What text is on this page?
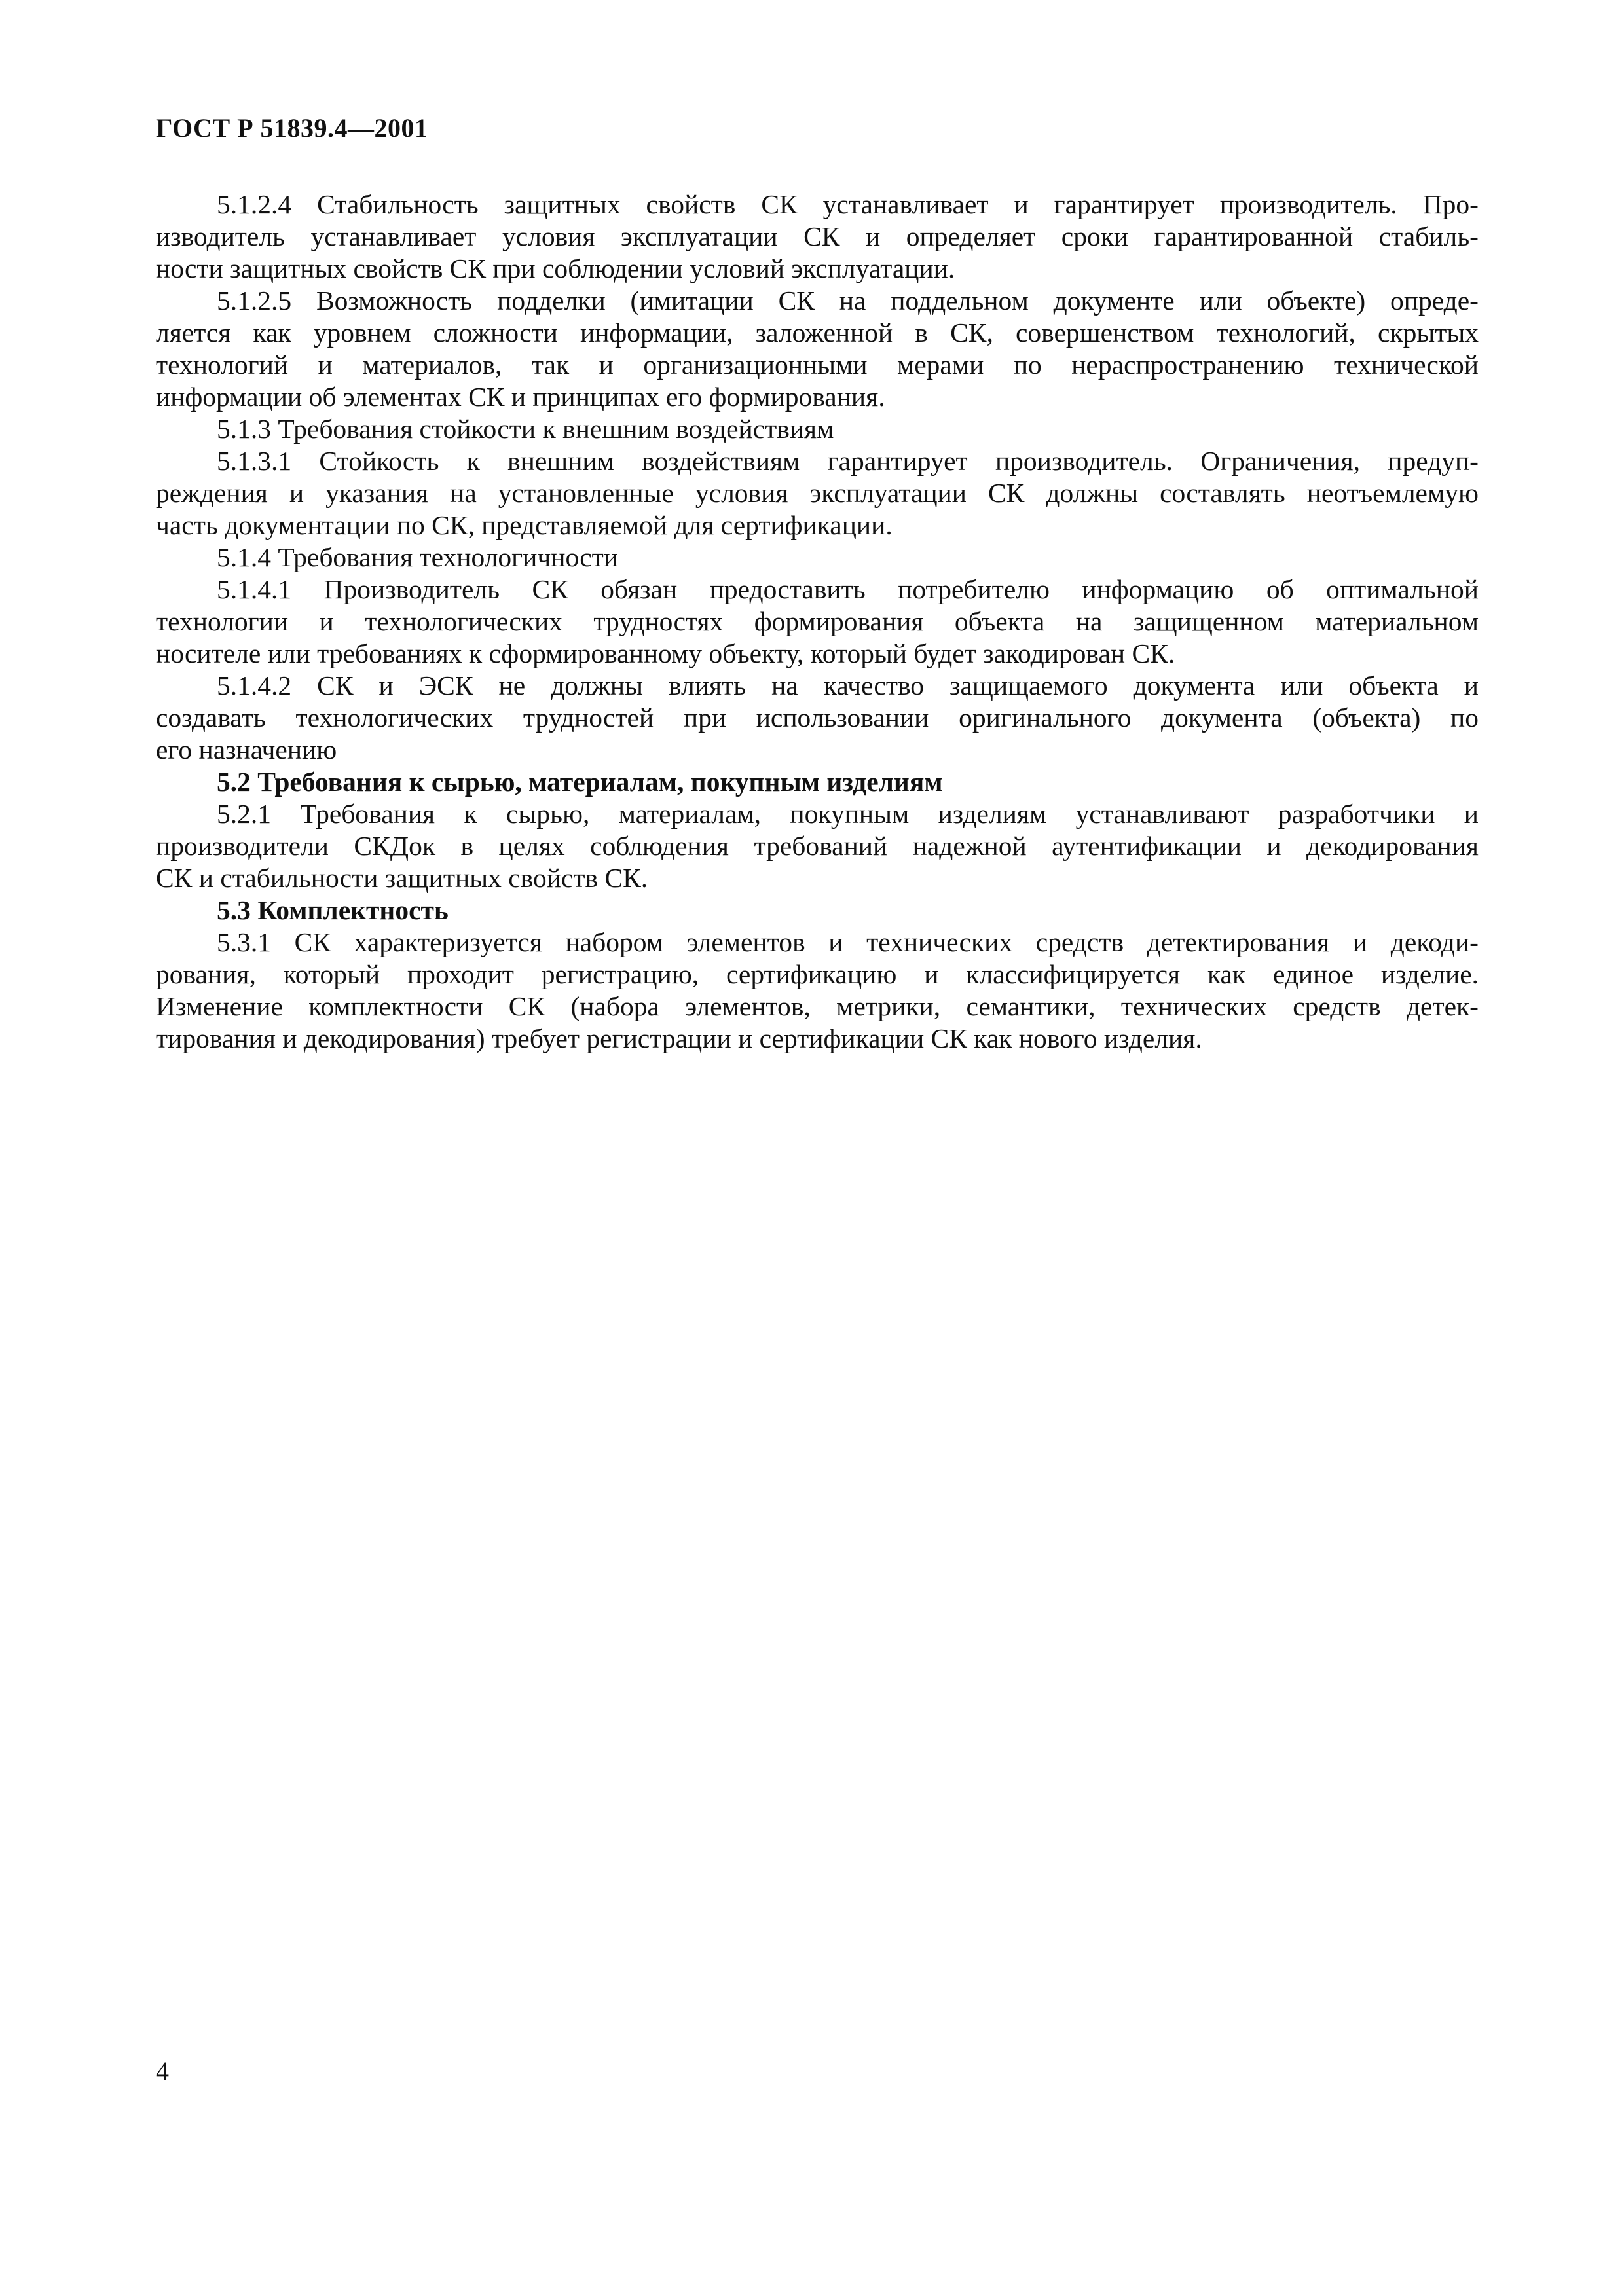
ГОСТ Р 51839.4—2001
5.1.2.4 Стабильность защитных свойств СК устанавливает и гарантирует производитель. Про-
изводитель устанавливает условия эксплуатации СК и определяет сроки гарантированной стабиль-
ности защитных свойств СК при соблюдении условий эксплуатации.
5.1.2.5 Возможность подделки (имитации СК на поддельном документе или объекте) опреде-
ляется как уровнем сложности информации, заложенной в СК, совершенством технологий, скрытых
технологий и материалов, так и организационными мерами по нераспространению технической
информации об элементах СК и принципах его формирования.
5.1.3 Требования стойкости к внешним воздействиям
5.1.3.1 Стойкость к внешним воздействиям гарантирует производитель. Ограничения, предуп-
реждения и указания на установленные условия эксплуатации СК должны составлять неотъемлемую
часть документации по СК, представляемой для сертификации.
5.1.4 Требования технологичности
5.1.4.1 Производитель СК обязан предоставить потребителю информацию об оптимальной
технологии и технологических трудностях формирования объекта на защищенном материальном
носителе или требованиях к сформированному объекту, который будет закодирован СК.
5.1.4.2 СК и ЭСК не должны влиять на качество защищаемого документа или объекта и
создавать технологических трудностей при использовании оригинального документа (объекта) по
его назначению
5.2 Требования к сырью, материалам, покупным изделиям
5.2.1 Требования к сырью, материалам, покупным изделиям устанавливают разработчики и
производители СКДок в целях соблюдения требований надежной аутентификации и декодирования
СК и стабильности защитных свойств СК.
5.3 Комплектность
5.3.1 СК характеризуется набором элементов и технических средств детектирования и декоди-
рования, который проходит регистрацию, сертификацию и классифицируется как единое изделие.
Изменение комплектности СК (набора элементов, метрики, семантики, технических средств детек-
тирования и декодирования) требует регистрации и сертификации СК как нового изделия.
4
